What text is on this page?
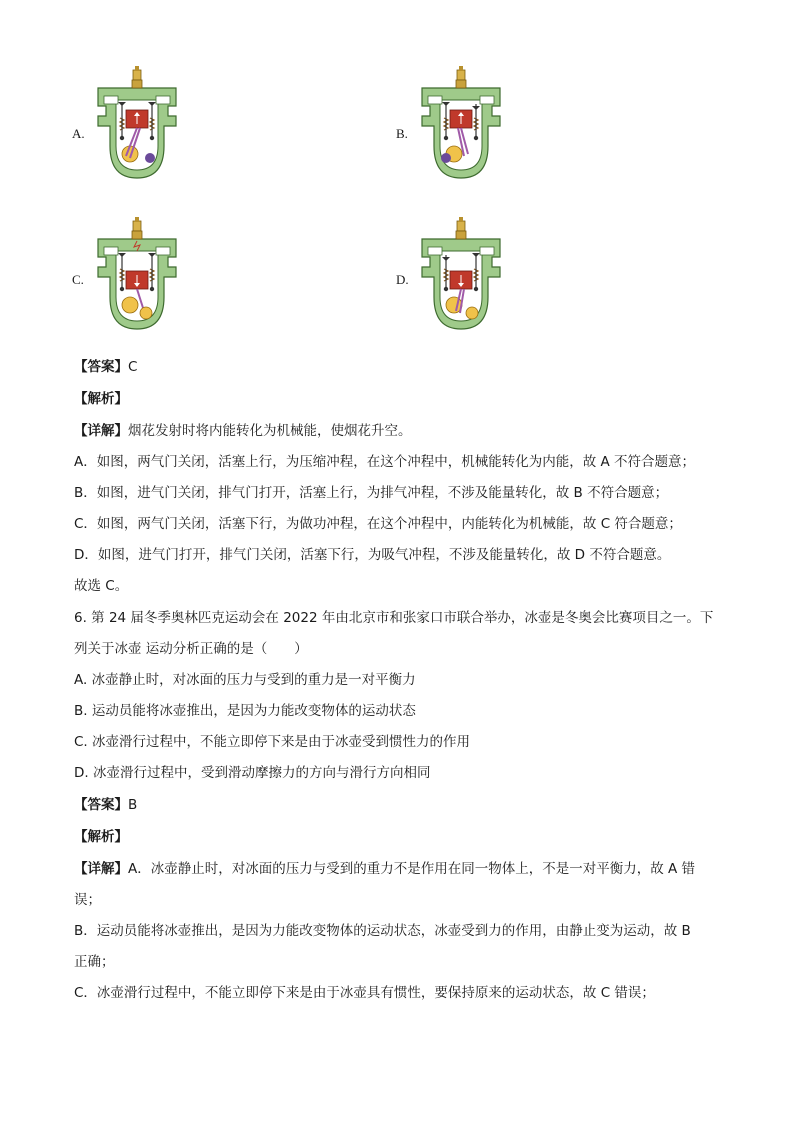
A.	B.
C.	D.
【答案】C
【解析】
【详解】烟花发射时将内能转化为机械能，使烟花升空。
A．如图，两气门关闭，活塞上行，为压缩冲程，在这个冲程中，机械能转化为内能，故 A 不符合题意；
B．如图，进气门关闭，排气门打开，活塞上行，为排气冲程，不涉及能量转化，故 B 不符合题意；
C．如图，两气门关闭，活塞下行，为做功冲程，在这个冲程中，内能转化为机械能，故 C 符合题意；
D．如图，进气门打开，排气门关闭，活塞下行，为吸气冲程，不涉及能量转化，故 D 不符合题意。
故选 C。
6. 第 24 届冬季奥林匹克运动会在 2022 年由北京市和张家口市联合举办，冰壶是冬奥会比赛项目之一。下
列关于冰壶 运动分析正确的是（　　）
A. 冰壶静止时，对冰面的压力与受到的重力是一对平衡力
B. 运动员能将冰壶推出，是因为力能改变物体的运动状态
C. 冰壶滑行过程中，不能立即停下来是由于冰壶受到惯性力的作用
D. 冰壶滑行过程中，受到滑动摩擦力的方向与滑行方向相同
【答案】B
【解析】
【详解】A．冰壶静止时，对冰面的压力与受到的重力不是作用在同一物体上，不是一对平衡力，故 A 错
误；
B．运动员能将冰壶推出，是因为力能改变物体的运动状态，冰壶受到力的作用，由静止变为运动，故 B
正确；
C．冰壶滑行过程中，不能立即停下来是由于冰壶具有惯性，要保持原来的运动状态，故 C 错误；
